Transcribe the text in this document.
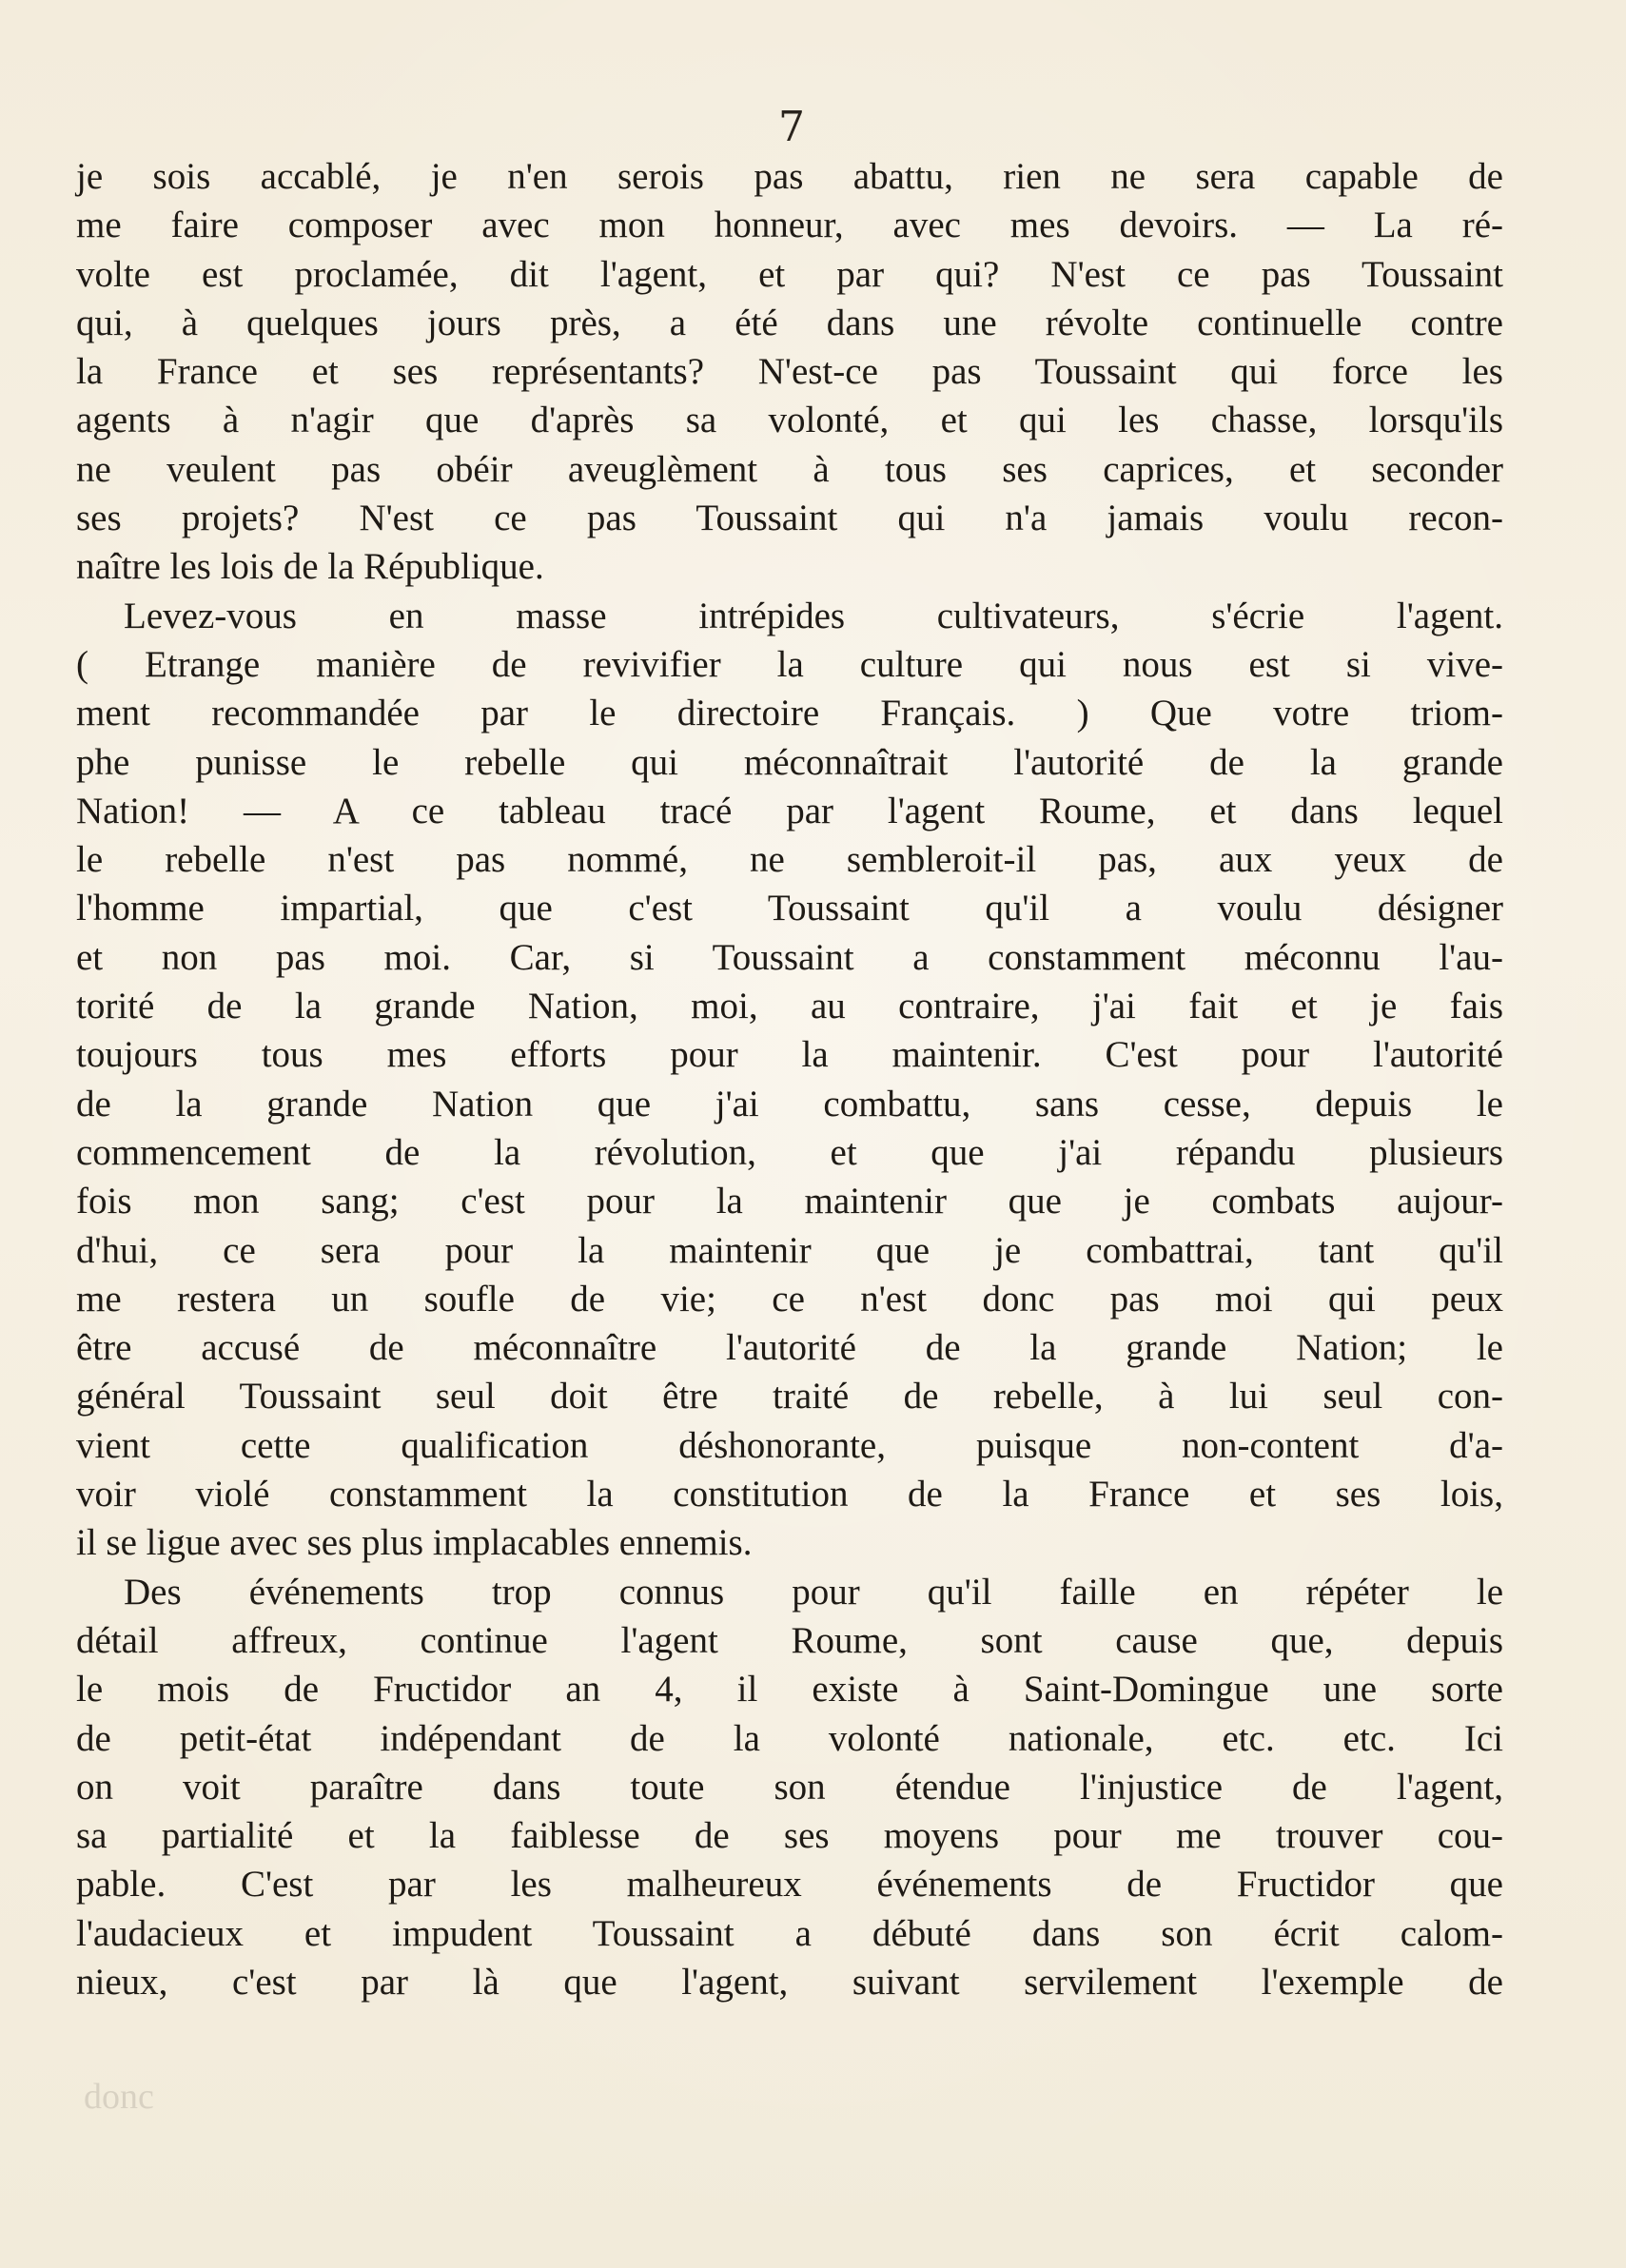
7
je sois accablé, je n'en serois pas abattu, rien ne sera capable de
me faire composer avec mon honneur, avec mes devoirs. — La ré-
volte est proclamée, dit l'agent, et par qui? N'est ce pas Toussaint
qui, à quelques jours près, a été dans une révolte continuelle contre
la France et ses représentants? N'est-ce pas Toussaint qui force les
agents à n'agir que d'après sa volonté, et qui les chasse, lorsqu'ils
ne veulent pas obéir aveuglèment à tous ses caprices, et seconder
ses projets? N'est ce pas Toussaint qui n'a jamais voulu recon-
naître les lois de la République.
Levez-vous en masse intrépides cultivateurs, s'écrie l'agent.
( Etrange manière de revivifier la culture qui nous est si vive-
ment recommandée par le directoire Français. ) Que votre triom-
phe punisse le rebelle qui méconnaîtrait l'autorité de la grande
Nation! — A ce tableau tracé par l'agent Roume, et dans lequel
le rebelle n'est pas nommé, ne sembleroit-il pas, aux yeux de
l'homme impartial, que c'est Toussaint qu'il a voulu désigner
et non pas moi. Car, si Toussaint a constamment méconnu l'au-
torité de la grande Nation, moi, au contraire, j'ai fait et je fais
toujours tous mes efforts pour la maintenir. C'est pour l'autorité
de la grande Nation que j'ai combattu, sans cesse, depuis le
commencement de la révolution, et que j'ai répandu plusieurs
fois mon sang; c'est pour la maintenir que je combats aujour-
d'hui, ce sera pour la maintenir que je combattrai, tant qu'il
me restera un soufle de vie; ce n'est donc pas moi qui peux
être accusé de méconnaître l'autorité de la grande Nation; le
général Toussaint seul doit être traité de rebelle, à lui seul con-
vient cette qualification déshonorante, puisque non-content d'a-
voir violé constamment la constitution de la France et ses lois,
il se ligue avec ses plus implacables ennemis.
Des événements trop connus pour qu'il faille en répéter le
détail affreux, continue l'agent Roume, sont cause que, depuis
le mois de Fructidor an 4, il existe à Saint-Domingue une sorte
de petit-état indépendant de la volonté nationale, etc. etc. Ici
on voit paraître dans toute son étendue l'injustice de l'agent,
sa partialité et la faiblesse de ses moyens pour me trouver cou-
pable. C'est par les malheureux événements de Fructidor que
l'audacieux et impudent Toussaint a débuté dans son écrit calom-
nieux, c'est par là que l'agent, suivant servilement l'exemple de
donc
